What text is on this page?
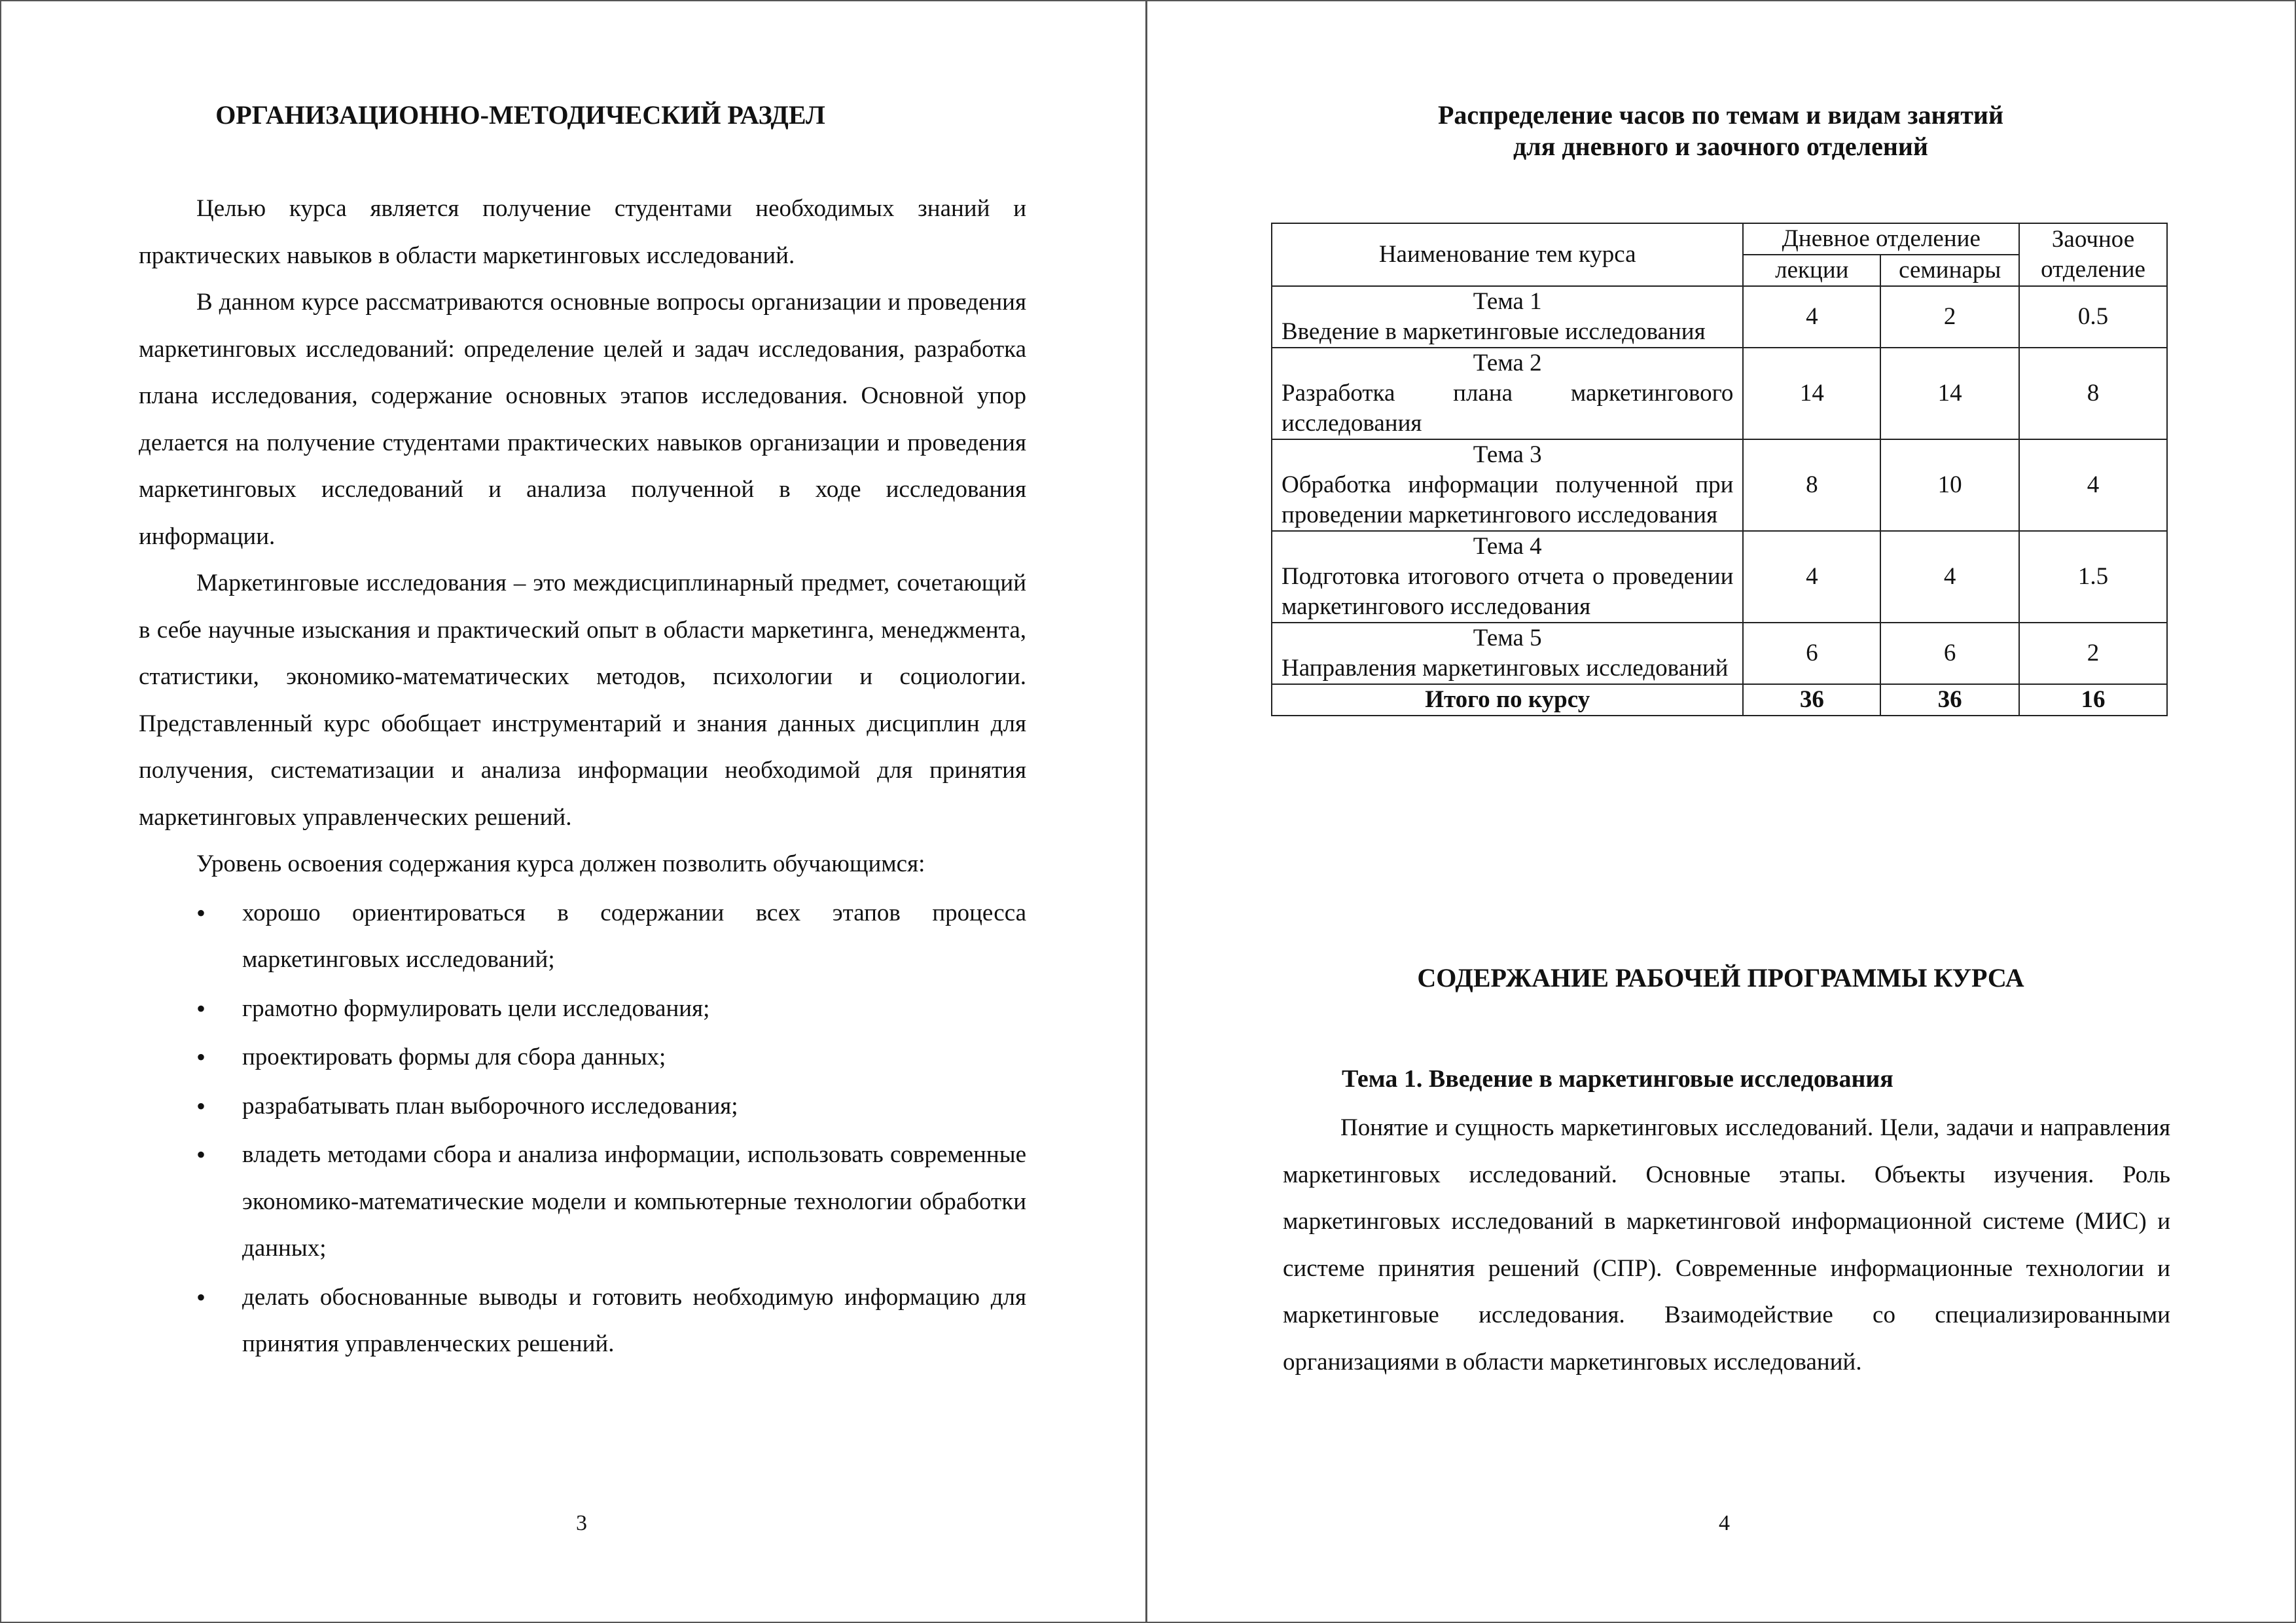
ОРГАНИЗАЦИОННО-МЕТОДИЧЕСКИЙ РАЗДЕЛ

Целью курса является получение студентами необходимых знаний и практических навыков в области маркетинговых исследований.

В данном курсе рассматриваются основные вопросы организации и проведения маркетинговых исследований: определение целей и задач исследования, разработка плана исследования, содержание основных этапов исследования. Основной упор делается на получение студентами практических навыков организации и проведения маркетинговых исследований и анализа полученной в ходе исследования информации.

Маркетинговые исследования – это междисциплинарный предмет, сочетающий в себе научные изыскания и практический опыт в области маркетинга, менеджмента, статистики, экономико-математических методов, психологии и социологии. Представленный курс обобщает инструментарий и знания данных дисциплин для получения, систематизации и анализа информации необходимой для принятия маркетинговых управленческих решений.

Уровень освоения содержания курса должен позволить обучающимся:

• хорошо ориентироваться в содержании всех этапов процесса маркетинговых исследований;
• грамотно формулировать цели исследования;
• проектировать формы для сбора данных;
• разрабатывать план выборочного исследования;
• владеть методами сбора и анализа информации, использовать современные экономико-математические модели и компьютерные технологии обработки данных;
• делать обоснованные выводы и готовить необходимую информацию для принятия управленческих решений.
3
Распределение часов по темам и видам занятий
для дневного и заочного отделений
Наименование тем курса	Дневное отделение		Заочное отделение
	лекции	семинары	

Тема 1
Введение в маркетинговые исследования	4	2	0.5

Тема 2
Разработка плана маркетингового исследования	14	14	8

Тема 3
Обработка информации полученной при проведении маркетингового исследования	8	10	4

Тема 4
Подготовка итогового отчета о проведении маркетингового исследования	4	4	1.5

Тема 5
Направления маркетинговых исследований	6	6	2
Итого по курсу	36	36	16
СОДЕРЖАНИЕ РАБОЧЕЙ ПРОГРАММЫ КУРСА
Тема 1. Введение в маркетинговые исследования

Понятие и сущность маркетинговых исследований. Цели, задачи и направления маркетинговых исследований. Основные этапы. Объекты изучения. Роль маркетинговых исследований в маркетинговой информационной системе (МИС) и системе принятия решений (СПР). Современные информационные технологии и маркетинговые исследования. Взаимодействие со специализированными организациями в области маркетинговых исследований.

4
